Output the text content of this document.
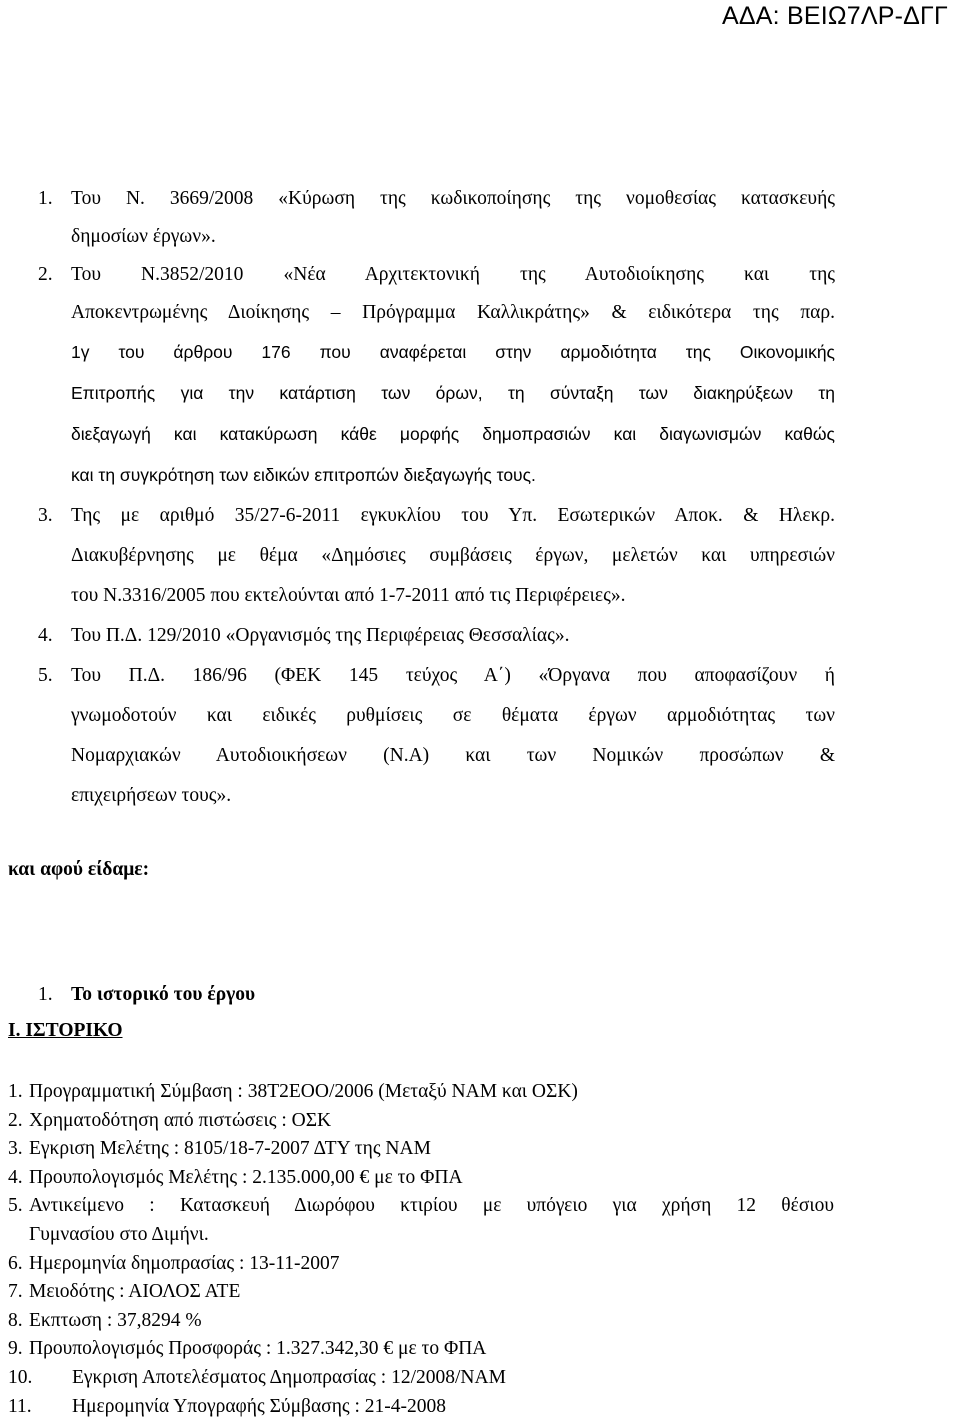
ΑΔΑ: ΒΕΙΩ7ΛΡ-ΔΓΓ
1. Του Ν. 3669/2008 «Κύρωση της κωδικοποίησης της νομοθεσίας κατασκευής
δημοσίων έργων».
2. Του Ν.3852/2010 «Νέα Αρχιτεκτονική της Αυτοδιοίκησης και της
Αποκεντρωμένης Διοίκησης – Πρόγραμμα Καλλικράτης» & ειδικότερα της παρ.
1γ του άρθρου 176 που αναφέρεται στην αρμοδιότητα της Οικονομικής
Επιτροπής για την κατάρτιση των όρων, τη σύνταξη των διακηρύξεων τη
διεξαγωγή και κατακύρωση κάθε μορφής δημοπρασιών και διαγωνισμών καθώς
και τη συγκρότηση των ειδικών επιτροπών διεξαγωγής τους.
3. Της με αριθμό 35/27-6-2011 εγκυκλίου του Υπ. Εσωτερικών Αποκ. & Ηλεκρ.
Διακυβέρνησης με θέμα «Δημόσιες συμβάσεις έργων, μελετών και υπηρεσιών
του Ν.3316/2005 που εκτελούνται από 1-7-2011 από τις Περιφέρειες».
4. Του Π.Δ. 129/2010 «Οργανισμός της Περιφέρειας Θεσσαλίας».
5. Του Π.Δ. 186/96 (ΦΕΚ 145 τεύχος Α΄) «Όργανα που αποφασίζουν ή
γνωμοδοτούν και ειδικές ρυθμίσεις σε θέματα έργων αρμοδιότητας των
Νομαρχιακών Αυτοδιοικήσεων (Ν.Α) και των Νομικών προσώπων &
επιχειρήσεων τους».
και αφού είδαμε:
1. Το ιστορικό του έργου
I. ΙΣΤΟΡΙΚΟ
1. Προγραμματική Σύμβαση : 38Τ2ΕΟΟ/2006 (Μεταξύ ΝΑΜ και ΟΣΚ)
2. Χρηματοδότηση από πιστώσεις : ΟΣΚ
3. Εγκριση Μελέτης : 8105/18-7-2007 ΔΤΥ της ΝΑΜ
4. Προυπολογισμός Μελέτης : 2.135.000,00 € με το ΦΠΑ
5. Αντικείμενο : Κατασκευή Διωρόφου κτιρίου με υπόγειο για χρήση 12 θέσιου
Γυμνασίου στο Διμήνι.
6. Ημερομηνία δημοπρασίας : 13-11-2007
7. Μειοδότης : ΑΙΟΛΟΣ ΑΤΕ
8. Εκπτωση : 37,8294 %
9. Προυπολογισμός Προσφοράς : 1.327.342,30 € με το ΦΠΑ
10. Εγκριση Αποτελέσματος Δημοπρασίας : 12/2008/ΝΑΜ
11. Ημερομηνία Υπογραφής Σύμβασης : 21-4-2008
